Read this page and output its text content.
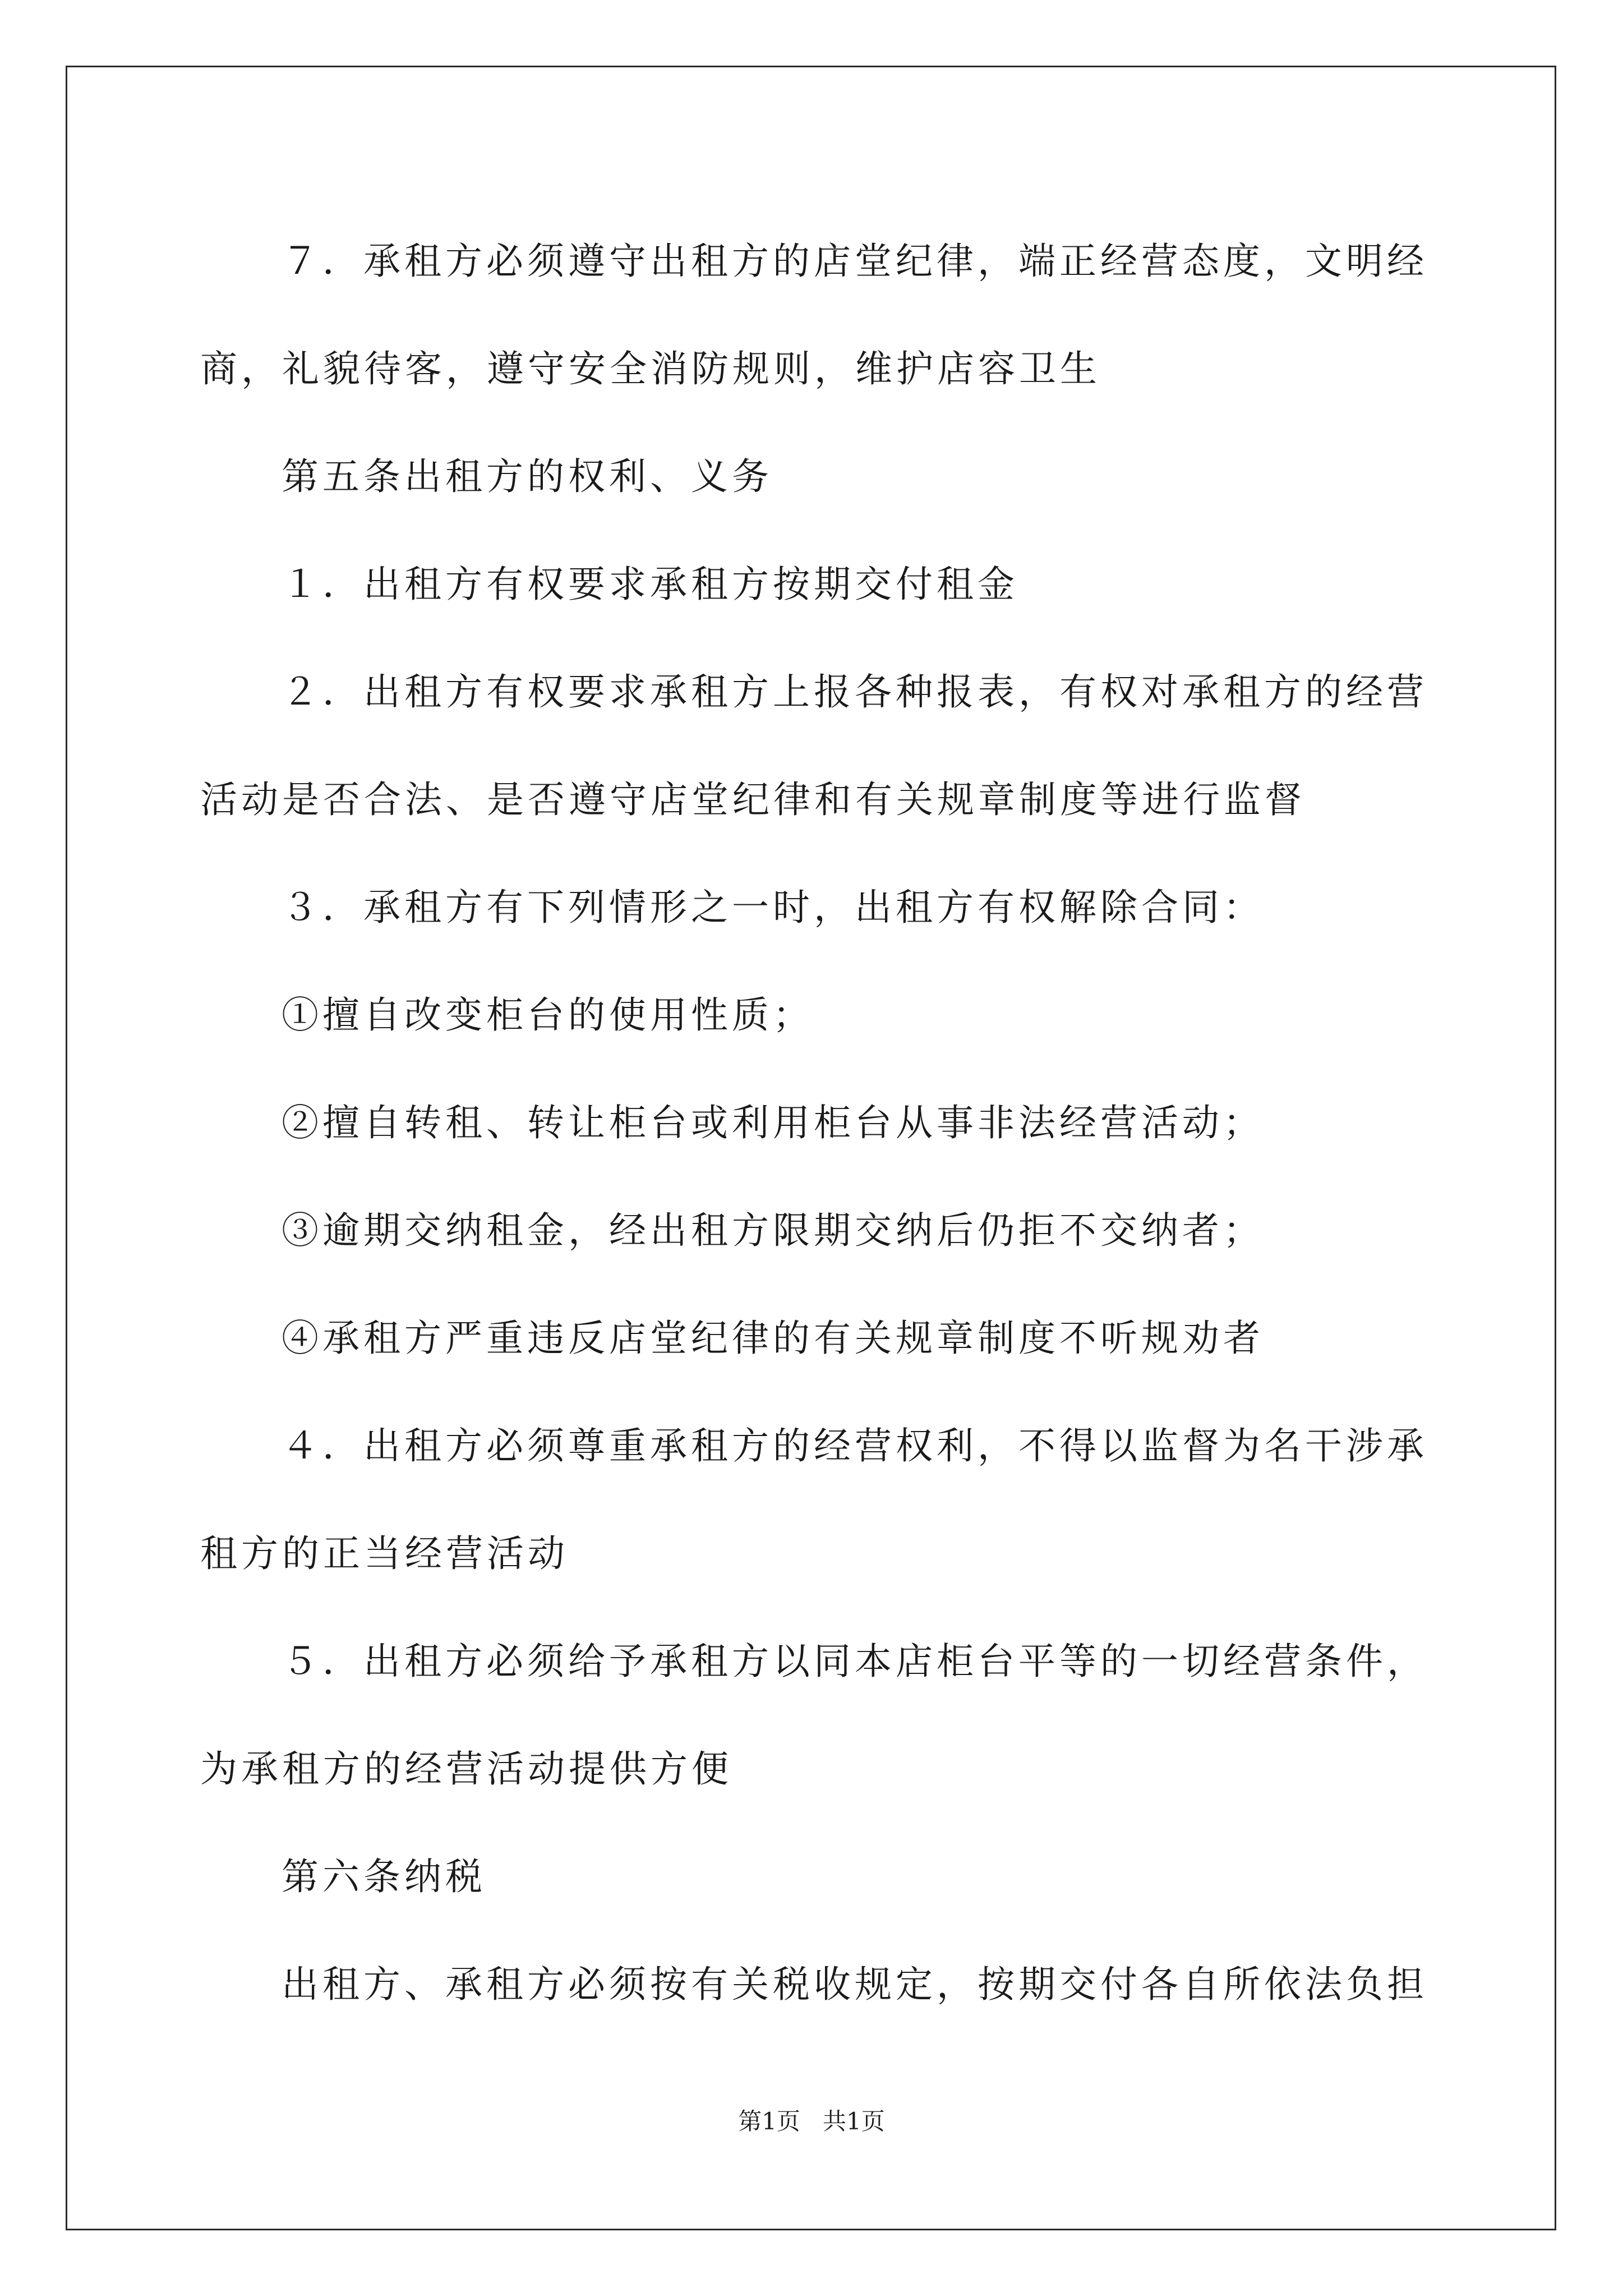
７．承租方必须遵守出租方的店堂纪律，端正经营态度，文明经

商，礼貌待客，遵守安全消防规则，维护店容卫生

第五条出租方的权利、义务

１．出租方有权要求承租方按期交付租金

２．出租方有权要求承租方上报各种报表，有权对承租方的经营

活动是否合法、是否遵守店堂纪律和有关规章制度等进行监督

３．承租方有下列情形之一时，出租方有权解除合同：

①擅自改变柜台的使用性质；

②擅自转租、转让柜台或利用柜台从事非法经营活动；

③逾期交纳租金，经出租方限期交纳后仍拒不交纳者；

④承租方严重违反店堂纪律的有关规章制度不听规劝者

４．出租方必须尊重承租方的经营权利，不得以监督为名干涉承

租方的正当经营活动

５．出租方必须给予承租方以同本店柜台平等的一切经营条件，

为承租方的经营活动提供方便

第六条纳税

出租方、承租方必须按有关税收规定，按期交付各自所依法负担

第1页   共1页
